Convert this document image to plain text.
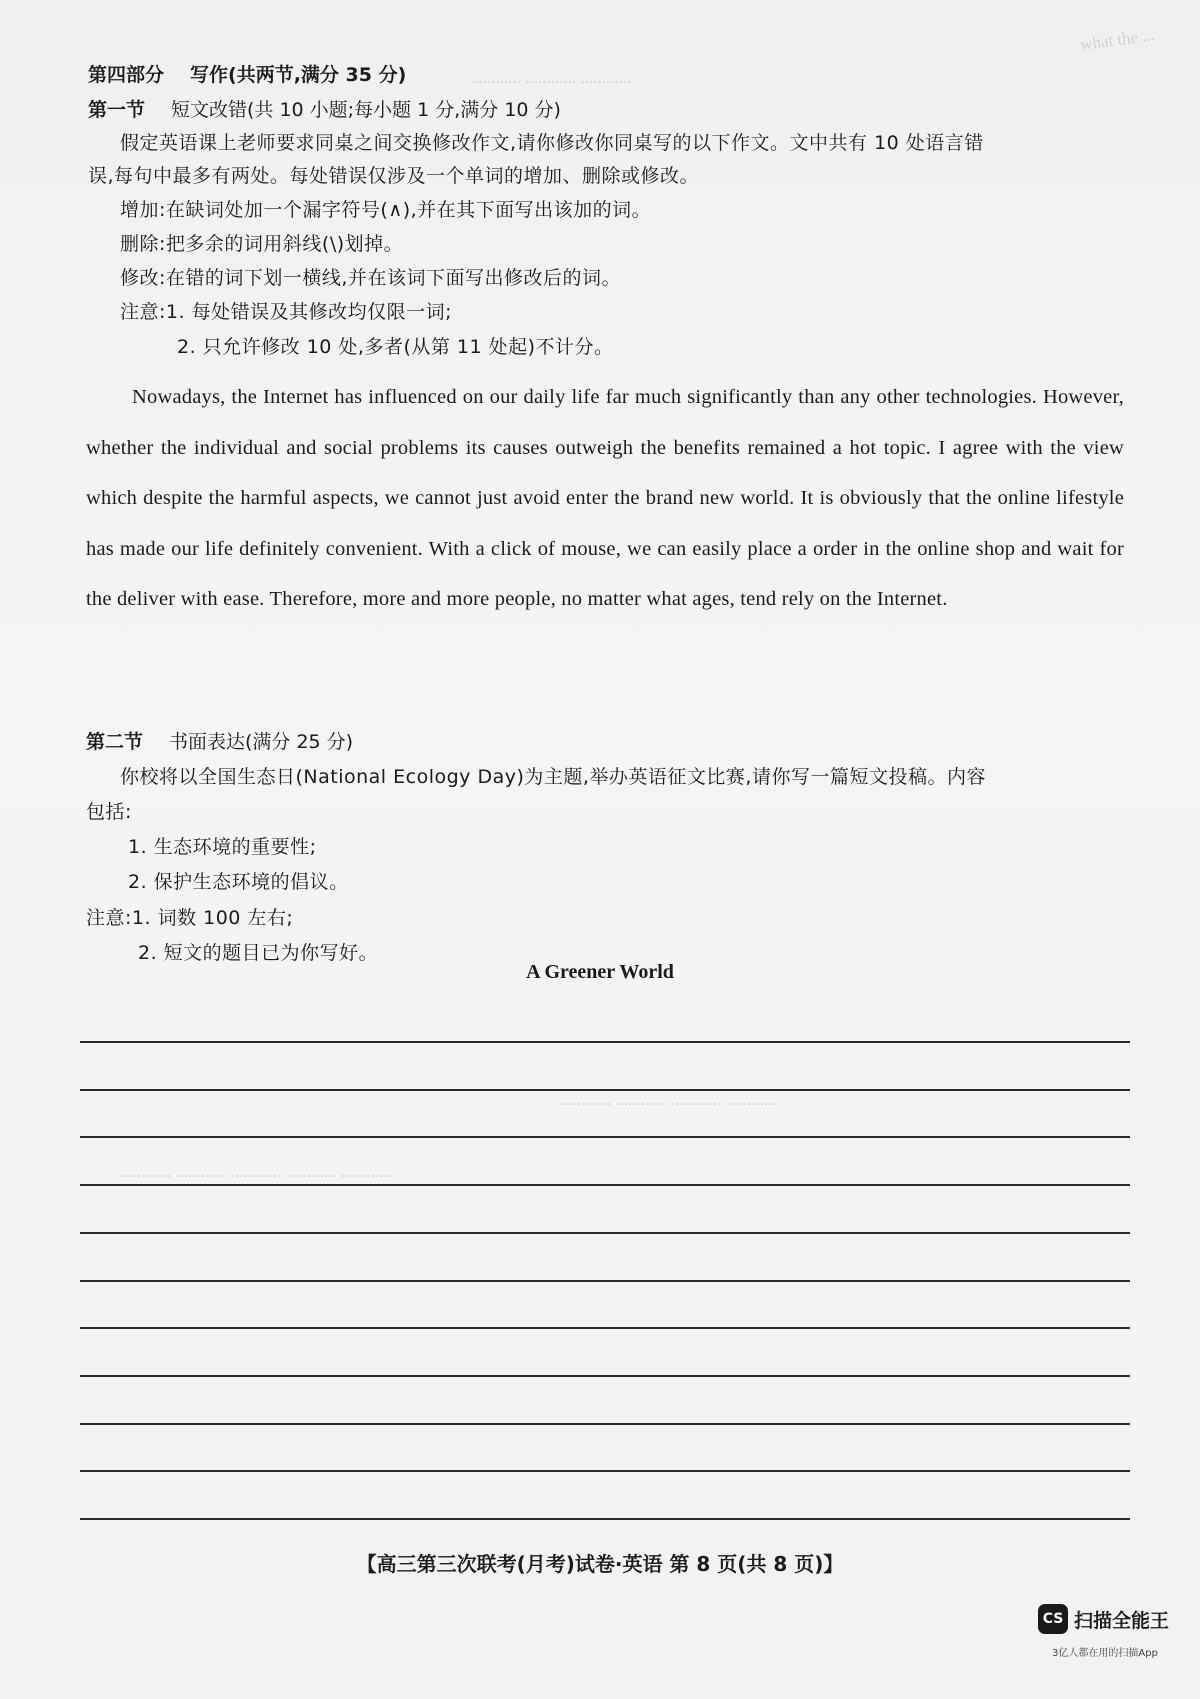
what the ...
............ ............ ............
............ ............ ............ ............
............ ............ ............ ............ ............
第四部分 写作(共两节,满分 35 分)
第一节 短文改错(共 10 小题;每小题 1 分,满分 10 分)
假定英语课上老师要求同桌之间交换修改作文,请你修改你同桌写的以下作文。文中共有 10 处语言错
误,每句中最多有两处。每处错误仅涉及一个单词的增加、删除或修改。
增加:在缺词处加一个漏字符号(∧),并在其下面写出该加的词。
删除:把多余的词用斜线(\)划掉。
修改:在错的词下划一横线,并在该词下面写出修改后的词。
注意:1. 每处错误及其修改均仅限一词;
2. 只允许修改 10 处,多者(从第 11 处起)不计分。
Nowadays, the Internet has influenced on our daily life far much significantly than any other technologies. However, whether the individual and social problems its causes outweigh the benefits remained a hot topic. I agree with the view which despite the harmful aspects, we cannot just avoid enter the brand new world. It is obviously that the online lifestyle has made our life definitely convenient. With a click of mouse, we can easily place a order in the online shop and wait for the deliver with ease. Therefore, more and more people, no matter what ages, tend rely on the Internet.
第二节 书面表达(满分 25 分)
你校将以全国生态日(National Ecology Day)为主题,举办英语征文比赛,请你写一篇短文投稿。内容
包括:
1. 生态环境的重要性;
2. 保护生态环境的倡议。
注意:1. 词数 100 左右;
2. 短文的题目已为你写好。
A Greener World
【高三第三次联考(月考)试卷·英语 第 8 页(共 8 页)】
CS 扫描全能王
3亿人都在用的扫描App
